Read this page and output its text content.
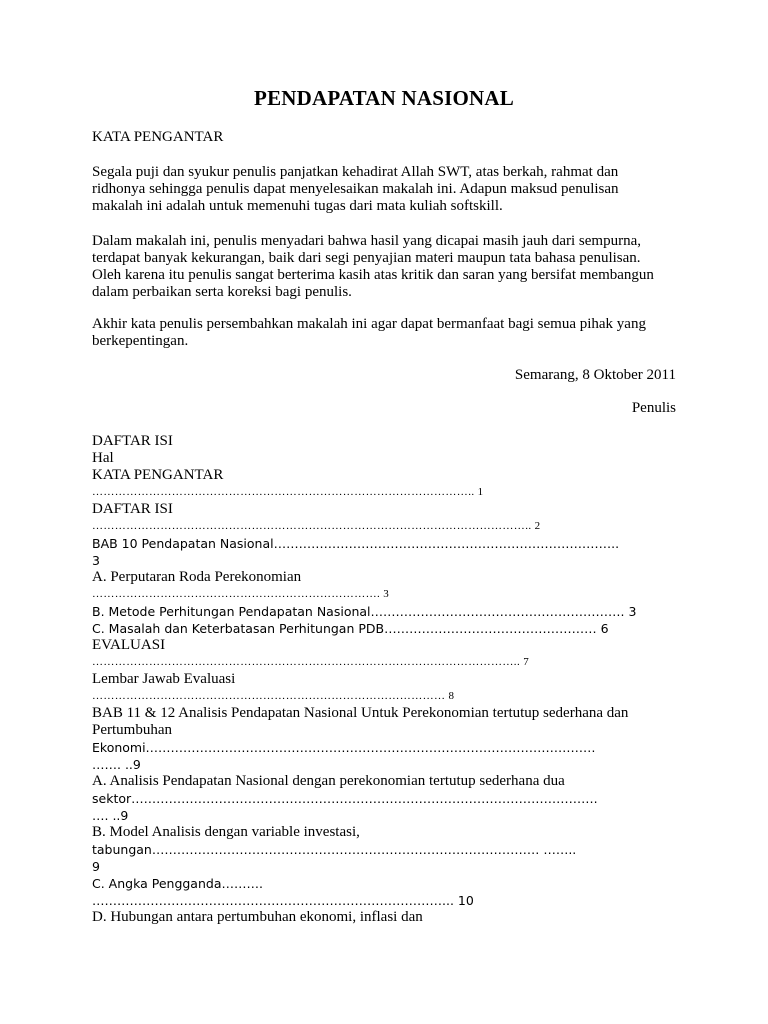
PENDAPATAN NASIONAL
KATA PENGANTAR
Segala puji dan syukur penulis panjatkan kehadirat Allah SWT, atas berkah, rahmat dan
ridhonya sehingga penulis dapat menyelesaikan makalah ini. Adapun maksud penulisan
makalah ini adalah untuk memenuhi tugas dari mata kuliah softskill.
Dalam makalah ini, penulis menyadari bahwa hasil yang dicapai masih jauh dari sempurna,
terdapat banyak kekurangan, baik dari segi penyajian materi maupun tata bahasa penulisan.
Oleh karena itu penulis sangat berterima kasih atas kritik dan saran yang bersifat membangun
dalam perbaikan serta koreksi bagi penulis.
Akhir kata penulis persembahkan makalah ini agar dapat bermanfaat bagi semua pihak yang
berkepentingan.
Semarang, 8 Oktober 2011
Penulis
DAFTAR ISI
Hal
KATA PENGANTAR
……………………………………………………………………………………….. 1
DAFTAR ISI
…………………………………………………………………………………………………….. 2
BAB 10 Pendapatan Nasional………………………………………………………………………..
3
A. Perputaran Roda Perekonomian
…………………………………………………………………. 3
B. Metode Perhitungan Pendapatan Nasional……………………………………………………. 3
C. Masalah dan Keterbatasan Perhitungan PDB…………………………………………… 6
EVALUASI
………………………………………………………………………………………………….. 7
Lembar Jawab Evaluasi
………………………………………………………………………………… 8
BAB 11 & 12 Analisis Pendapatan Nasional Untuk Perekonomian tertutup sederhana dan
Pertumbuhan
Ekonomi………………………………………………………………………………………………
……. ..9
A. Analisis Pendapatan Nasional dengan perekonomian tertutup sederhana dua
sektor………………………………………………………………………………………………….
…. ..9
B. Model Analisis dengan variable investasi,
tabungan………………………………………………………………………………… ……..
9
C. Angka Pengganda……….
…………………………………………………………………………... 10
D. Hubungan antara pertumbuhan ekonomi, inflasi dan
